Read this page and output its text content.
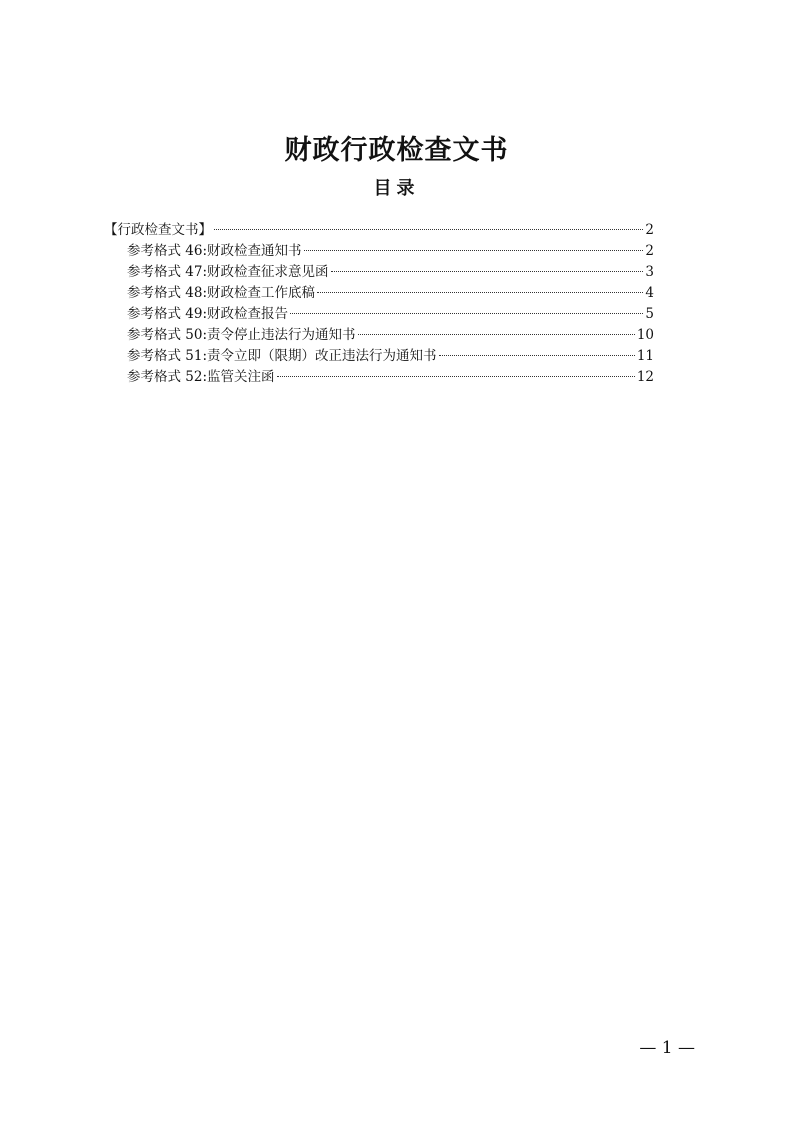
财政行政检查文书
目录
【行政检查文书】	2
参考格式 46:财政检查通知书	2
参考格式 47:财政检查征求意见函	3
参考格式 48:财政检查工作底稿	4
参考格式 49:财政检查报告	5
参考格式 50:责令停止违法行为通知书	10
参考格式 51:责令立即（限期）改正违法行为通知书	11
参考格式 52:监管关注函	12
— 1 —
